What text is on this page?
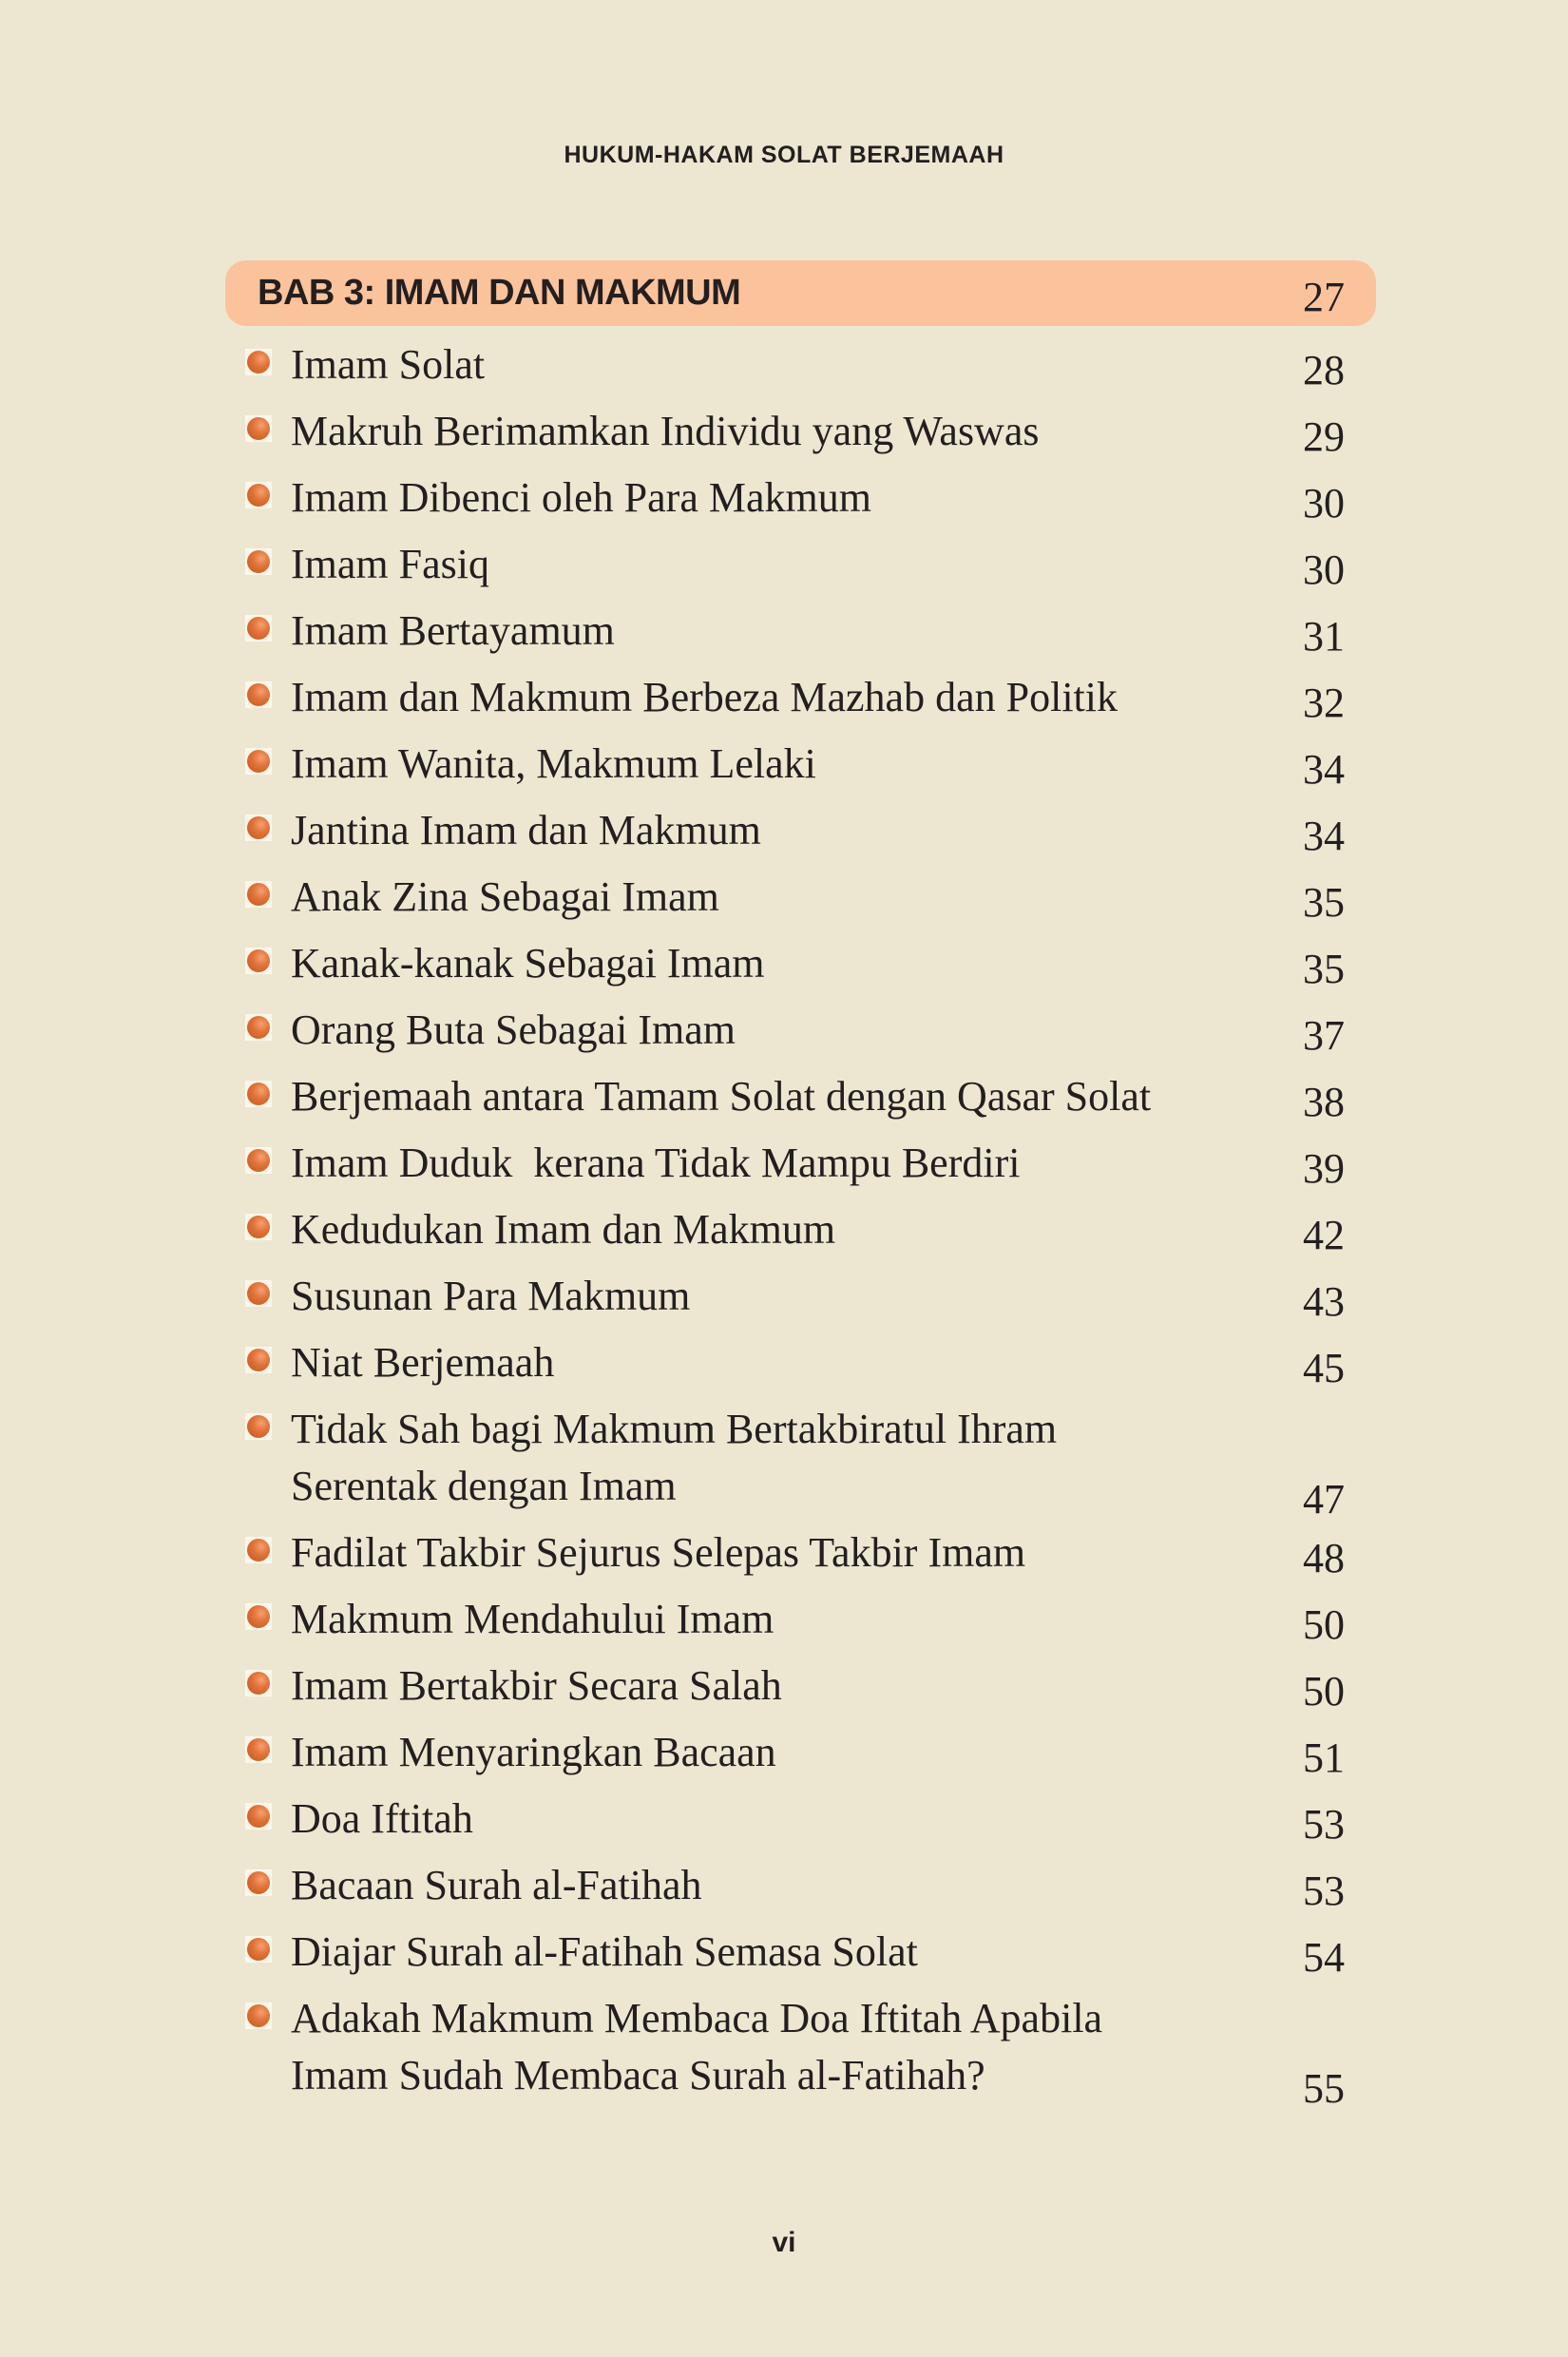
HUKUM-HAKAM SOLAT BERJEMAAH
BAB 3: IMAM DAN MAKMUM	27
Imam Solat	28
Makruh Berimamkan Individu yang Waswas	29
Imam Dibenci oleh Para Makmum	30
Imam Fasiq	30
Imam Bertayamum	31
Imam dan Makmum Berbeza Mazhab dan Politik	32
Imam Wanita, Makmum Lelaki	34
Jantina Imam dan Makmum	34
Anak Zina Sebagai Imam	35
Kanak-kanak Sebagai Imam	35
Orang Buta Sebagai Imam	37
Berjemaah antara Tamam Solat dengan Qasar Solat	38
Imam Duduk  kerana Tidak Mampu Berdiri	39
Kedudukan Imam dan Makmum	42
Susunan Para Makmum	43
Niat Berjemaah	45
Tidak Sah bagi Makmum Bertakbiratul Ihram
Serentak dengan Imam	47
Fadilat Takbir Sejurus Selepas Takbir Imam	48
Makmum Mendahului Imam	50
Imam Bertakbir Secara Salah	50
Imam Menyaringkan Bacaan	51
Doa Iftitah	53
Bacaan Surah al-Fatihah	53
Diajar Surah al-Fatihah Semasa Solat	54
Adakah Makmum Membaca Doa Iftitah Apabila
Imam Sudah Membaca Surah al-Fatihah?	55
vi
